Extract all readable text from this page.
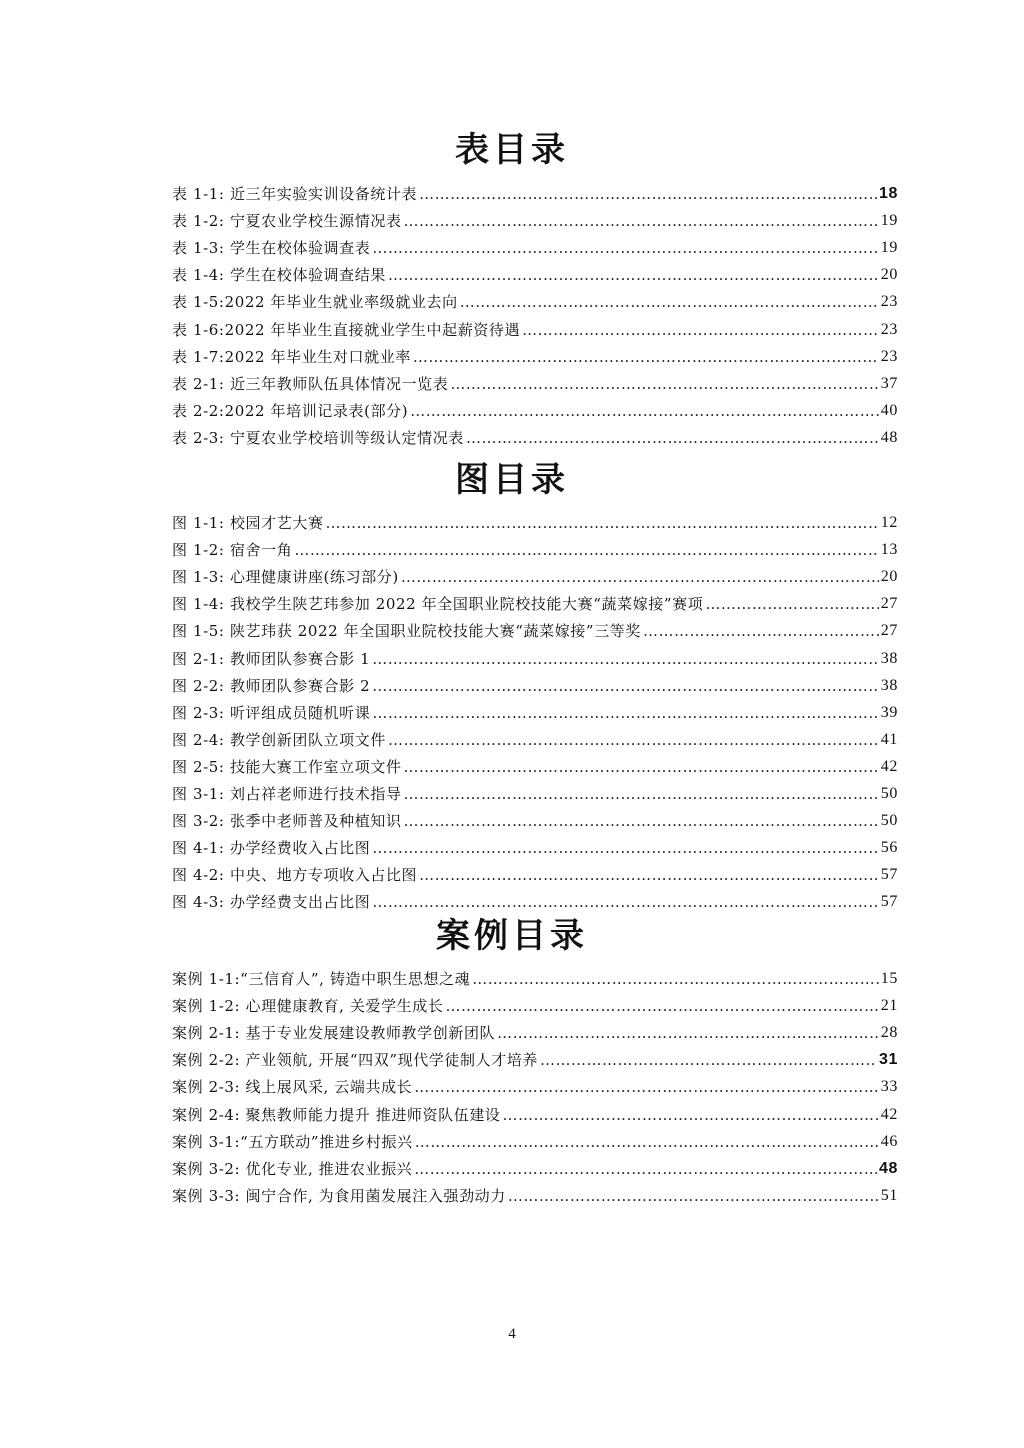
表目录
表 1-1: 近三年实验实训设备统计表 ……………………………………………………………………………………………………………………………………………………………………………………………………	18
表 1-2: 宁夏农业学校生源情况表 ……………………………………………………………………………………………………………………………………………………………………………………………………	19
表 1-3: 学生在校体验调查表 ……………………………………………………………………………………………………………………………………………………………………………………………………	19
表 1-4: 学生在校体验调查结果 ……………………………………………………………………………………………………………………………………………………………………………………………………	20
表 1-5:2022 年毕业生就业率级就业去向 ……………………………………………………………………………………………………………………………………………………………………………………………………	23
表 1-6:2022 年毕业生直接就业学生中起薪资待遇 ……………………………………………………………………………………………………………………………………………………………………………………………………	23
表 1-7:2022 年毕业生对口就业率 ……………………………………………………………………………………………………………………………………………………………………………………………………	23
表 2-1: 近三年教师队伍具体情况一览表 ……………………………………………………………………………………………………………………………………………………………………………………………………	37
表 2-2:2022 年培训记录表(部分) ……………………………………………………………………………………………………………………………………………………………………………………………………	40
表 2-3: 宁夏农业学校培训等级认定情况表 ……………………………………………………………………………………………………………………………………………………………………………………………………	48
图目录
图 1-1: 校园才艺大赛 ……………………………………………………………………………………………………………………………………………………………………………………………………	12
图 1-2: 宿舍一角 ……………………………………………………………………………………………………………………………………………………………………………………………………	13
图 1-3: 心理健康讲座(练习部分) ……………………………………………………………………………………………………………………………………………………………………………………………………	20
图 1-4: 我校学生陕艺玮参加 2022 年全国职业院校技能大赛“蔬菜嫁接”赛项 ……………………………………………………………………………………………………………………………………………………………………………………………………	27
图 1-5: 陕艺玮获 2022 年全国职业院校技能大赛“蔬菜嫁接”三等奖 ……………………………………………………………………………………………………………………………………………………………………………………………………	27
图 2-1: 教师团队参赛合影 1 ……………………………………………………………………………………………………………………………………………………………………………………………………	38
图 2-2: 教师团队参赛合影 2 ……………………………………………………………………………………………………………………………………………………………………………………………………	38
图 2-3: 听评组成员随机听课 ……………………………………………………………………………………………………………………………………………………………………………………………………	39
图 2-4: 教学创新团队立项文件 ……………………………………………………………………………………………………………………………………………………………………………………………………	41
图 2-5: 技能大赛工作室立项文件 ……………………………………………………………………………………………………………………………………………………………………………………………………	42
图 3-1: 刘占祥老师进行技术指导 ……………………………………………………………………………………………………………………………………………………………………………………………………	50
图 3-2: 张季中老师普及种植知识 ……………………………………………………………………………………………………………………………………………………………………………………………………	50
图 4-1: 办学经费收入占比图 ……………………………………………………………………………………………………………………………………………………………………………………………………	56
图 4-2: 中央、地方专项收入占比图 ……………………………………………………………………………………………………………………………………………………………………………………………………	57
图 4-3: 办学经费支出占比图 ……………………………………………………………………………………………………………………………………………………………………………………………………	57
案例目录
案例 1-1:“三信育人”, 铸造中职生思想之魂 ……………………………………………………………………………………………………………………………………………………………………………………………………	15
案例 1-2: 心理健康教育, 关爱学生成长 ……………………………………………………………………………………………………………………………………………………………………………………………………	21
案例 2-1: 基于专业发展建设教师教学创新团队 ……………………………………………………………………………………………………………………………………………………………………………………………………	28
案例 2-2: 产业领航, 开展“四双”现代学徒制人才培养 ……………………………………………………………………………………………………………………………………………………………………………………………………	31
案例 2-3: 线上展风采, 云端共成长 ……………………………………………………………………………………………………………………………………………………………………………………………………	33
案例 2-4: 聚焦教师能力提升 推进师资队伍建设 ……………………………………………………………………………………………………………………………………………………………………………………………………	42
案例 3-1:“五方联动”推进乡村振兴 ……………………………………………………………………………………………………………………………………………………………………………………………………	46
案例 3-2: 优化专业, 推进农业振兴 ……………………………………………………………………………………………………………………………………………………………………………………………………	48
案例 3-3: 闽宁合作, 为食用菌发展注入强劲动力 ……………………………………………………………………………………………………………………………………………………………………………………………………	51
4
